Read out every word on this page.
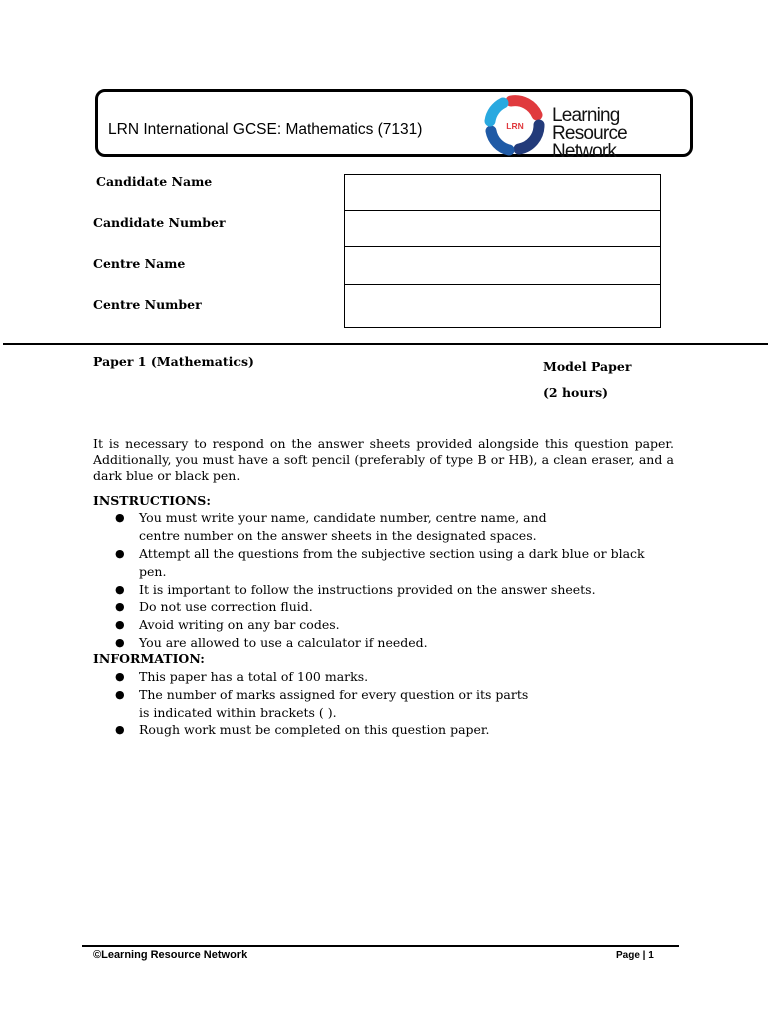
LRN International GCSE: Mathematics (7131)	LRN Learning
Resource Network
Candidate Name
Candidate Number
Centre Name
Centre Number
Paper 1 (Mathematics)	Model Paper
(2 hours)
It is necessary to respond on the answer sheets provided alongside this question paper. Additionally, you must have a soft pencil (preferably of type B or HB), a clean eraser, and a dark blue or black pen.
INSTRUCTIONS:
● You must write your name, candidate number, centre name, and centre number on the answer sheets in the designated spaces.
● Attempt all the questions from the subjective section using a dark blue or black pen.
● It is important to follow the instructions provided on the answer sheets.
● Do not use correction fluid.
● Avoid writing on any bar codes.
● You are allowed to use a calculator if needed.
INFORMATION:
● This paper has a total of 100 marks.
● The number of marks assigned for every question or its parts is indicated within brackets ( ).
● Rough work must be completed on this question paper.
©Learning Resource Network	Page | 1
